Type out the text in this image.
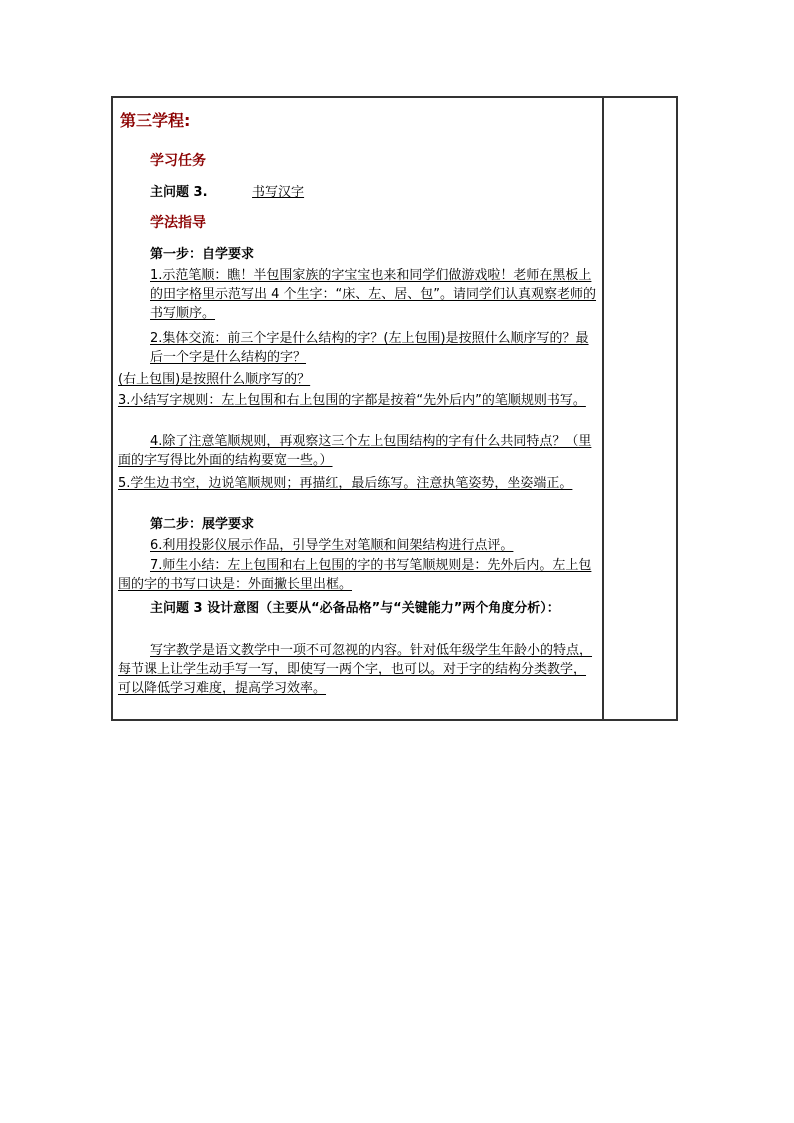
第三学程:

学习任务

主问题 3.	书写汉字

学法指导

第一步：自学要求

1.示范笔顺：瞧！半包围家族的字宝宝也来和同学们做游戏啦！老师在黑板上的田字格里示范写出 4 个生字：“床、左、居、包”。请同学们认真观察老师的书写顺序。

2.集体交流：前三个字是什么结构的字？(左上包围)是按照什么顺序写的？最后一个字是什么结构的字？

(右上包围)是按照什么顺序写的？

3.小结写字规则：左上包围和右上包围的字都是按着“先外后内”的笔顺规则书写。

4.除了注意笔顺规则，再观察这三个左上包围结构的字有什么共同特点？（里面的字写得比外面的结构要宽一些。）

5.学生边书空，边说笔顺规则；再描红，最后练写。注意执笔姿势，坐姿端正。

第二步：展学要求

6.利用投影仪展示作品，引导学生对笔顺和间架结构进行点评。

7.师生小结：左上包围和右上包围的字的书写笔顺规则是：先外后内。左上包围的字的书写口诀是：外面撇长里出框。

主问题 3 设计意图（主要从“必备品格”与“关键能力”两个角度分析）：

写字教学是语文教学中一项不可忽视的内容。针对低年级学生年龄小的特点，每节课上让学生动手写一写，即使写一两个字，也可以。对于字的结构分类教学，可以降低学习难度，提高学习效率。
